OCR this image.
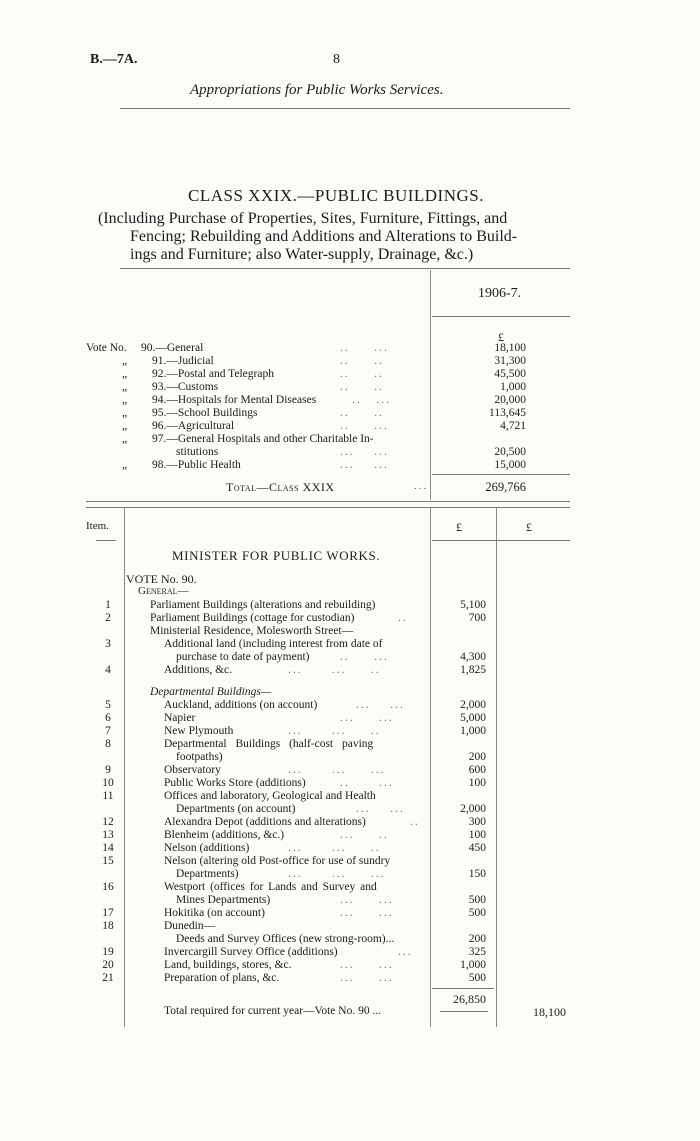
B.—7A.	8
Appropriations for Public Works Services.
CLASS XXIX.—PUBLIC BUILDINGS.
(Including Purchase of Properties, Sites, Furniture, Fittings, and
Fencing; Rebuilding and Additions and Alterations to Build-
ings and Furniture; also Water-supply, Drainage, &c.)
1906-7.
£
Vote No. 90.—General	..     ...	18,100
„ 91.—Judicial	..     ..	31,300
„ 92.—Postal and Telegraph	..     ..	45,500
„ 93.—Customs	..     ..	1,000
„ 94.—Hospitals for Mental Diseases	..   ...	20,000
„ 95.—School Buildings	..     ..	113,645
„ 96.—Agricultural	..     ...	4,721
„ 97.—General Hospitals and other Charitable In-
stitutions	...    ...	20,500
„ 98.—Public Health	...    ...	15,000
Total—Class XXIX	...	269,766
Item.	£	£
MINISTER FOR PUBLIC WORKS.
VOTE No. 90.
General—
1	Parliament Buildings (alterations and rebuilding)	5,100
2	Parliament Buildings (cottage for custodian)	..	700
Ministerial Residence, Molesworth Street—
3	Additional land (including interest from date of
purchase to date of payment)	..     ...	4,300
4	Additions, &c.	...      ...     ..	1,825
Departmental Buildings—
5	Auckland, additions (on account)	...    ...	2,000
6	Napier	...     ...	5,000
7	New Plymouth	...      ...     ..	1,000
8	Departmental Buildings (half-cost paving
footpaths)	200
9	Observatory	...      ...     ...	600
10	Public Works Store (additions)	..      ...	100
11	Offices and laboratory, Geological and Health
Departments (on account)	...    ...	2,000
12	Alexandra Depot (additions and alterations)	..	300
13	Blenheim (additions, &c.)	...     ..	100
14	Nelson (additions)	...      ...     ..	450
15	Nelson (altering old Post-office for use of sundry
Departments)	...      ...     ...	150
16	Westport (offices for Lands and Survey and
Mines Departments)	...     ...	500
17	Hokitika (on account)	...     ...	500
18	Dunedin—
Deeds and Survey Offices (new strong-room)...	200
19	Invercargill Survey Office (additions)	...	325
20	Land, buildings, stores, &c.	...     ...	1,000
21	Preparation of plans, &c.	...     ...	500
26,850
Total required for current year—Vote No. 90 ...	18,100
